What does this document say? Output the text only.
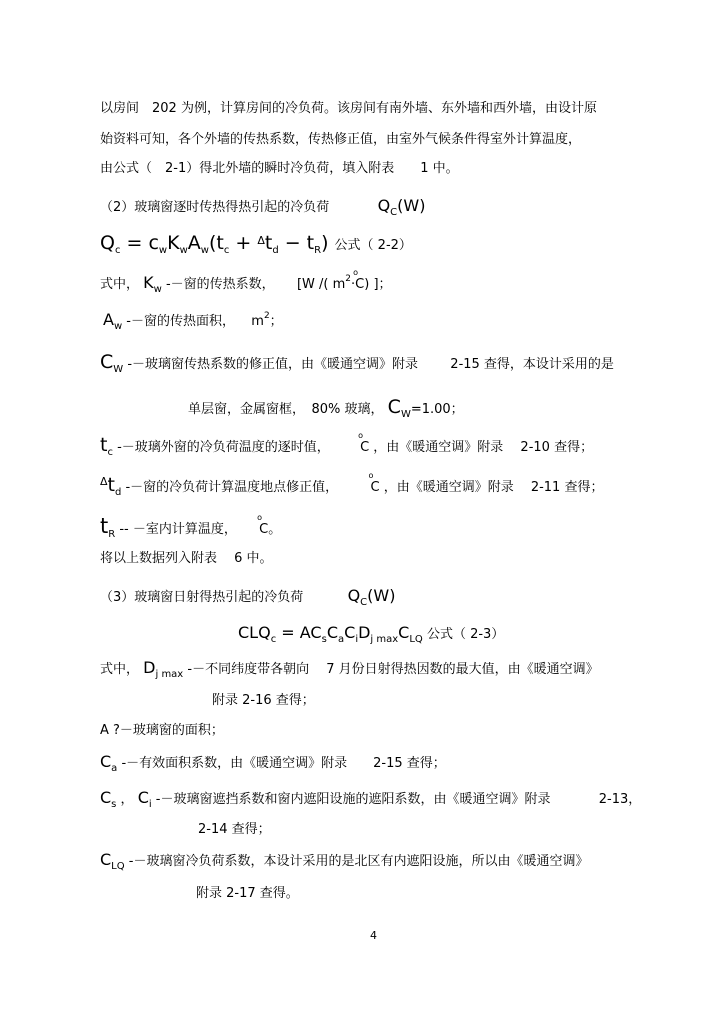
以房间　202 为例，计算房间的冷负荷。该房间有南外墙、东外墙和西外墙，由设计原
始资料可知，各个外墙的传热系数，传热修正值，由室外气候条件得室外计算温度，
由公式（　2-1）得北外墙的瞬时冷负荷，填入附表　　1 中。
（2）玻璃窗逐时传热得热引起的冷负荷	$Q_C(W)$
$Q_c = c_wK_wA_w(t_c + ^\Delta t_d - t_R)$ 公式（ 2-2）
式中， $K_w$ -－窗的传热系数， [W /( $m^2\cdot o$ C) ]；
$A_w$ -－窗的传热面积， $m^2$；
$C_W$ -－玻璃窗传热系数的修正值，由《暖通空调》附录 2-15 查得，本设计采用的是
单层窗，金属窗框，　80% 玻璃， $C_W=1.00$；
$t_c$ -－玻璃外窗的冷负荷温度的逐时值， o C ，由《暖通空调》附录　 2-10 查得；
$^\Delta t_d$ -－窗的冷负荷计算温度地点修正值， o C ，由《暖通空调》附录　 2-11 查得；
$t_R$ -- －室内计算温度， o C。
将以上数据列入附表　 6 中。
（3）玻璃窗日射得热引起的冷负荷	$Q_C(W)$
$CLQ_c = AC_sC_aC_iD_{j max}C_{LQ}$ 公式（ 2-3）
式中， $D_{j max}$ -－不同纬度带各朝向　 7 月份日射得热因数的最大值，由《暖通空调》
附录 2-16 查得；
A ?－玻璃窗的面积；
$C_a$ -－有效面积系数，由《暖通空调》附录　　2-15 查得；
$C_s$ ， $C_i$ -－玻璃窗遮挡系数和窗内遮阳设施的遮阳系数，由《暖通空调》附录	2-13，
2-14 查得；
$C_{LQ}$ -－玻璃窗冷负荷系数，本设计采用的是北区有内遮阳设施，所以由《暖通空调》
附录 2-17 查得。
4
